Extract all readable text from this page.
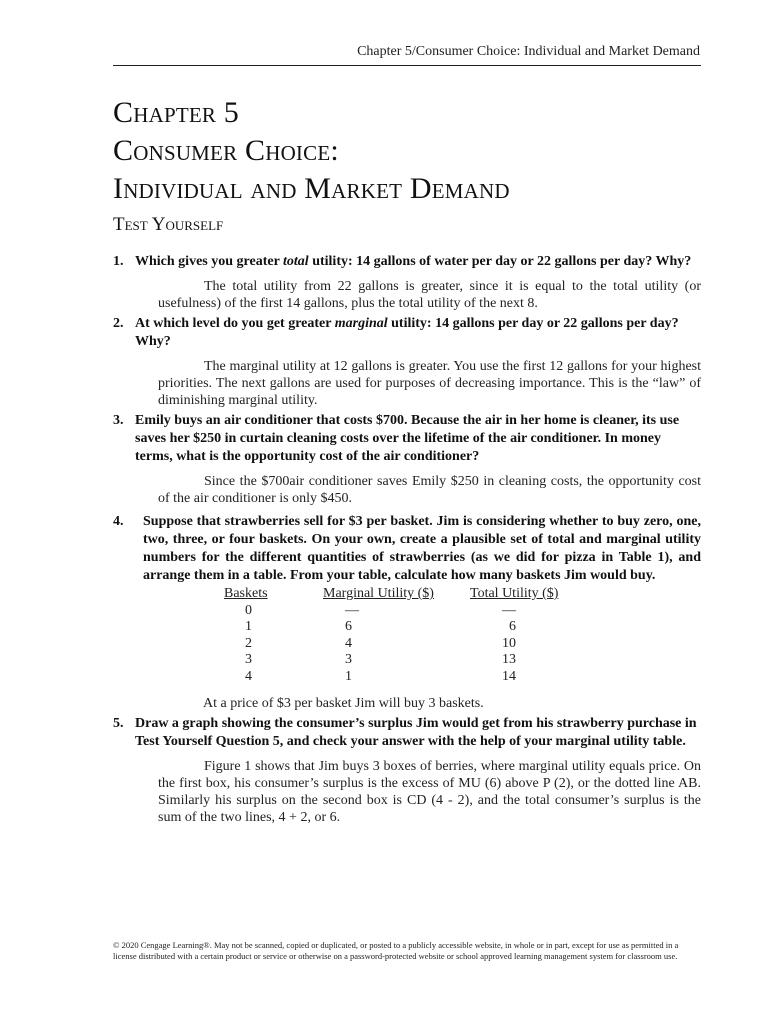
Chapter 5/Consumer Choice: Individual and Market Demand
Chapter 5
Consumer Choice:
Individual and Market Demand
Test Yourself
1. Which gives you greater total utility: 14 gallons of water per day or 22 gallons per day? Why?
The total utility from 22 gallons is greater, since it is equal to the total utility (or usefulness) of the first 14 gallons, plus the total utility of the next 8.
2. At which level do you get greater marginal utility: 14 gallons per day or 22 gallons per day? Why?
The marginal utility at 12 gallons is greater. You use the first 12 gallons for your highest priorities. The next gallons are used for purposes of decreasing importance. This is the “law” of diminishing marginal utility.
3. Emily buys an air conditioner that costs $700. Because the air in her home is cleaner, its use saves her $250 in curtain cleaning costs over the lifetime of the air conditioner. In money terms, what is the opportunity cost of the air conditioner?
Since the $700air conditioner saves Emily $250 in cleaning costs, the opportunity cost of the air conditioner is only $450.
4.	Suppose that strawberries sell for $3 per basket. Jim is considering whether to buy zero, one, two, three, or four baskets. On your own, create a plausible set of total and marginal utility numbers for the different quantities of strawberries (as we did for pizza in Table 1), and arrange them in a table. From your table, calculate how many baskets Jim would buy.
Baskets	Marginal Utility ($)	Total Utility ($)
0	—	—
1	6	6
2	4	10
3	3	13
4	1	14
At a price of $3 per basket Jim will buy 3 baskets.
5. Draw a graph showing the consumer’s surplus Jim would get from his strawberry purchase in Test Yourself Question 5, and check your answer with the help of your marginal utility table.
Figure 1 shows that Jim buys 3 boxes of berries, where marginal utility equals price. On the first box, his consumer’s surplus is the excess of MU (6) above P (2), or the dotted line AB. Similarly his surplus on the second box is CD (4 - 2), and the total consumer’s surplus is the sum of the two lines, 4 + 2, or 6.
© 2020 Cengage Learning®. May not be scanned, copied or duplicated, or posted to a publicly accessible website, in whole or in part, except for use as permitted in a license distributed with a certain product or service or otherwise on a password-protected website or school approved learning management system for classroom use.
